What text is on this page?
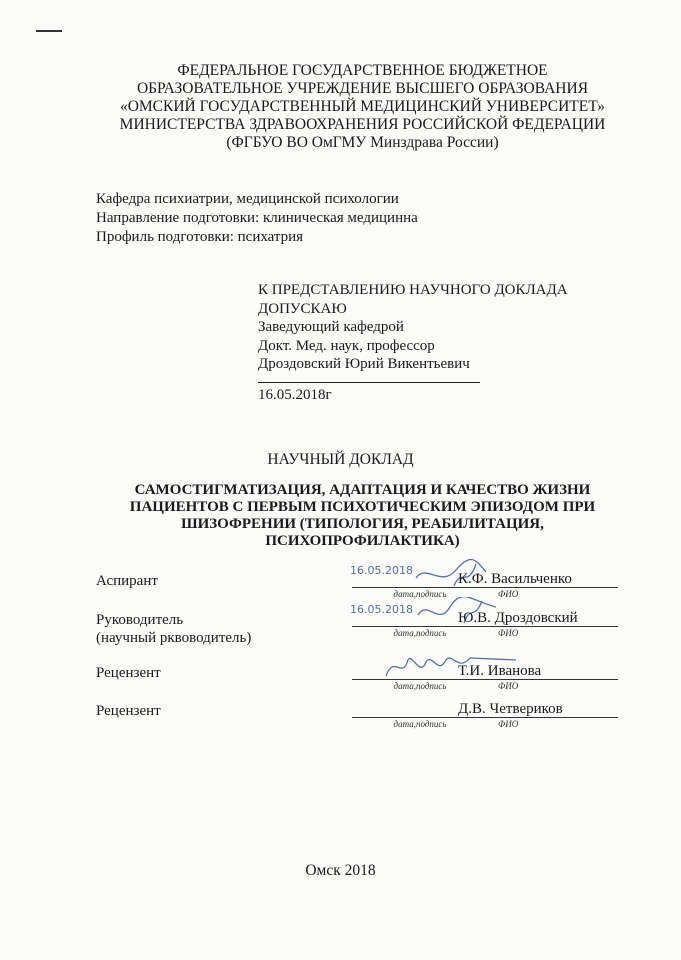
ФЕДЕРАЛЬНОЕ ГОСУДАРСТВЕННОЕ БЮДЖЕТНОЕ
ОБРАЗОВАТЕЛЬНОЕ УЧРЕЖДЕНИЕ ВЫСШЕГО ОБРАЗОВАНИЯ
«ОМСКИЙ ГОСУДАРСТВЕННЫЙ МЕДИЦИНСКИЙ УНИВЕРСИТЕТ»
МИНИСТЕРСТВА ЗДРАВООХРАНЕНИЯ РОССИЙСКОЙ ФЕДЕРАЦИИ
(ФГБУО ВО ОмГМУ Минздрава России)
Кафедра психиатрии, медицинской психологии
Направление подготовки: клиническая медицинна
Профиль подготовки: психатрия
К ПРЕДСТАВЛЕНИЮ НАУЧНОГО ДОКЛАДА
ДОПУСКАЮ
Заведующий кафедрой
Докт. Мед. наук, профессор
Дроздовский Юрий Викентьевич
16.05.2018г
НАУЧНЫЙ ДОКЛАД
САМОСТИГМАТИЗАЦИЯ, АДАПТАЦИЯ И КАЧЕСТВО ЖИЗНИ
ПАЦИЕНТОВ С ПЕРВЫМ ПСИХОТИЧЕСКИМ ЭПИЗОДОМ ПРИ
ШИЗОФРЕНИИ (ТИПОЛОГИЯ, РЕАБИЛИТАЦИЯ,
ПСИХОПРОФИЛАКТИКА)
Аспирант
16.05.2018
дата,подпись
К.Ф. Васильченко
ФИО
Руководитель
(научный рквоводитель)
16.05.2018
дата,подпись
Ю.В. Дроздовский
ФИО
Рецензент
дата,подпись
Т.И. Иванова
ФИО
Рецензент
дата,подпись
Д.В. Четвериков
ФИО
Омск 2018
